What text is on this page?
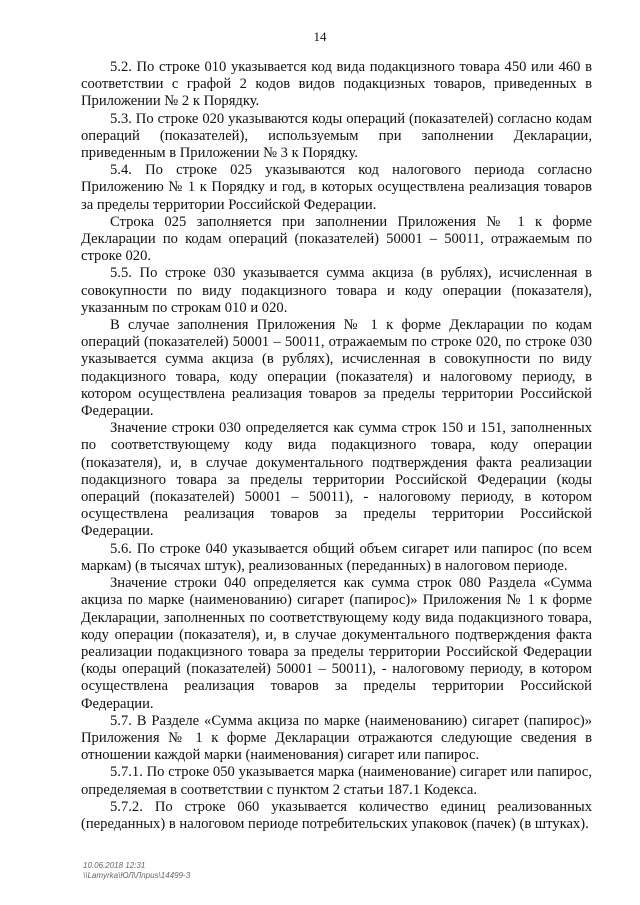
14

5.2. По строке 010 указывается код вида подакцизного товара 450 или 460 в соответствии с графой 2 кодов видов подакцизных товаров, приведенных в Приложении № 2 к Порядку.

5.3. По строке 020 указываются коды операций (показателей) согласно кодам операций (показателей), используемым при заполнении Декларации, приведенным в Приложении № 3 к Порядку.

5.4. По строке 025 указываются код налогового периода согласно Приложению № 1 к Порядку и год, в которых осуществлена реализация товаров за пределы территории Российской Федерации.

Строка 025 заполняется при заполнении Приложения № 1 к форме Декларации по кодам операций (показателей) 50001 – 50011, отражаемым по строке 020.

5.5. По строке 030 указывается сумма акциза (в рублях), исчисленная в совокупности по виду подакцизного товара и коду операции (показателя), указанным по строкам 010 и 020.

В случае заполнения Приложения № 1 к форме Декларации по кодам операций (показателей) 50001 – 50011, отражаемым по строке 020, по строке 030 указывается сумма акциза (в рублях), исчисленная в совокупности по виду подакцизного товара, коду операции (показателя) и налоговому периоду, в котором осуществлена реализация товаров за пределы территории Российской Федерации.

Значение строки 030 определяется как сумма строк 150 и 151, заполненных по соответствующему коду вида подакцизного товара, коду операции (показателя), и, в случае документального подтверждения факта реализации подакцизного товара за пределы территории Российской Федерации (коды операций (показателей) 50001 – 50011), - налоговому периоду, в котором осуществлена реализация товаров за пределы территории Российской Федерации.

5.6. По строке 040 указывается общий объем сигарет или папирос (по всем маркам) (в тысячах штук), реализованных (переданных) в налоговом периоде.

Значение строки 040 определяется как сумма строк 080 Раздела «Сумма акциза по марке (наименованию) сигарет (папирос)» Приложения № 1 к форме Декларации, заполненных по соответствующему коду вида подакцизного товара, коду операции (показателя), и, в случае документального подтверждения факта реализации подакцизного товара за пределы территории Российской Федерации (коды операций (показателей) 50001 – 50011), - налоговому периоду, в котором осуществлена реализация товаров за пределы территории Российской Федерации.

5.7. В Разделе «Сумма акциза по марке (наименованию) сигарет (папирос)» Приложения № 1 к форме Декларации отражаются следующие сведения в отношении каждой марки (наименования) сигарет или папирос.

5.7.1. По строке 050 указывается марка (наименование) сигарет или папирос, определяемая в соответствии с пунктом 2 статьи 187.1 Кодекса.

5.7.2. По строке 060 указывается количество единиц реализованных (переданных) в налоговом периоде потребительских упаковок (пачек) (в штуках).

10.06.2018 12:31
\\Lamyrka\ЮЛ\Лпрus\14499-3
